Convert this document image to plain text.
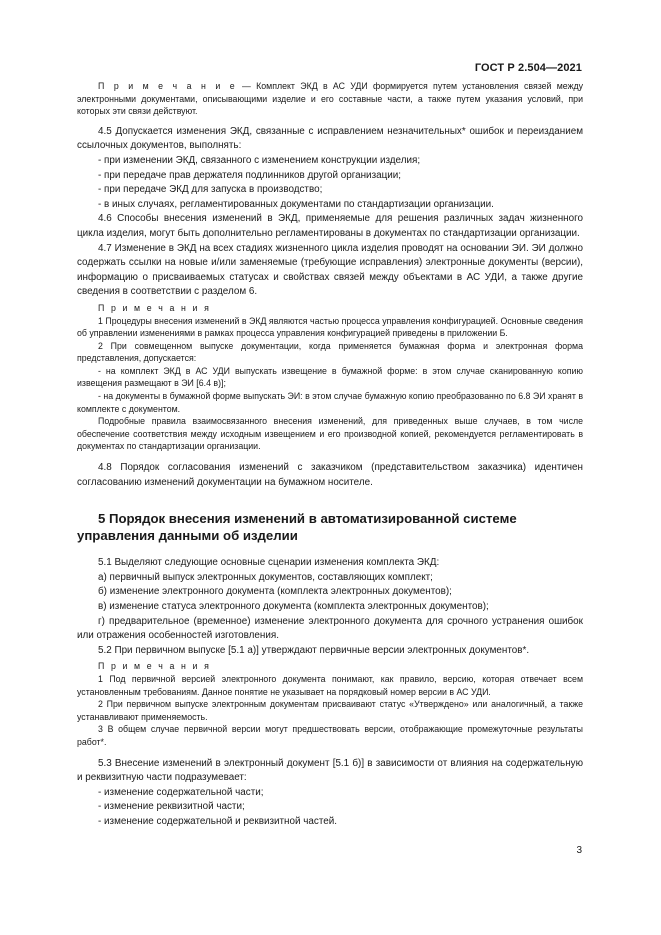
ГОСТ Р 2.504—2021

П р и м е ч а н и е — Комплект ЭКД в АС УДИ формируется путем установления связей между электронными документами, описывающими изделие и его составные части, а также путем указания условий, при которых эти связи действуют.

4.5 Допускается изменения ЭКД, связанные с исправлением незначительных* ошибок и переизданием ссылочных документов, выполнять:

- при изменении ЭКД, связанного с изменением конструкции изделия;

- при передаче прав держателя подлинников другой организации;

- при передаче ЭКД для запуска в производство;

- в иных случаях, регламентированных документами по стандартизации организации.

4.6 Способы внесения изменений в ЭКД, применяемые для решения различных задач жизненного цикла изделия, могут быть дополнительно регламентированы в документах по стандартизации организации.

4.7 Изменение в ЭКД на всех стадиях жизненного цикла изделия проводят на основании ЭИ. ЭИ должно содержать ссылки на новые и/или заменяемые (требующие исправления) электронные документы (версии), информацию о присваиваемых статусах и свойствах связей между объектами в АС УДИ, а также другие сведения в соответствии с разделом 6.

П р и м е ч а н и я

1 Процедуры внесения изменений в ЭКД являются частью процесса управления конфигурацией. Основные сведения об управлении изменениями в рамках процесса управления конфигурацией приведены в приложении Б.

2 При совмещенном выпуске документации, когда применяется бумажная форма и электронная форма представления, допускается:

- на комплект ЭКД в АС УДИ выпускать извещение в бумажной форме: в этом случае сканированную копию извещения размещают в ЭИ [6.4 в)];

- на документы в бумажной форме выпускать ЭИ: в этом случае бумажную копию преобразованно по 6.8 ЭИ хранят в комплекте с документом.

Подробные правила взаимосвязанного внесения изменений, для приведенных выше случаев, в том числе обеспечение соответствия между исходным извещением и его производной копией, рекомендуется регламентировать в документах по стандартизации организации.

4.8 Порядок согласования изменений с заказчиком (представительством заказчика) идентичен согласованию изменений документации на бумажном носителе.

5 Порядок внесения изменений в автоматизированной системе

управления данными об изделии

5.1 Выделяют следующие основные сценарии изменения комплекта ЭКД:

а) первичный выпуск электронных документов, составляющих комплект;

б) изменение электронного документа (комплекта электронных документов);

в) изменение статуса электронного документа (комплекта электронных документов);

г) предварительное (временное) изменение электронного документа для срочного устранения ошибок или отражения особенностей изготовления.

5.2 При первичном выпуске [5.1 а)] утверждают первичные версии электронных документов*.

П р и м е ч а н и я

1 Под первичной версией электронного документа понимают, как правило, версию, которая отвечает всем установленным требованиям. Данное понятие не указывает на порядковый номер версии в АС УДИ.

2 При первичном выпуске электронным документам присваивают статус «Утверждено» или аналогичный, а также устанавливают применяемость.

3 В общем случае первичной версии могут предшествовать версии, отображающие промежуточные результаты работ*.

5.3 Внесение изменений в электронный документ [5.1 б)] в зависимости от влияния на содержательную и реквизитную части подразумевает:

- изменение содержательной части;

- изменение реквизитной части;

- изменение содержательной и реквизитной частей.

3
